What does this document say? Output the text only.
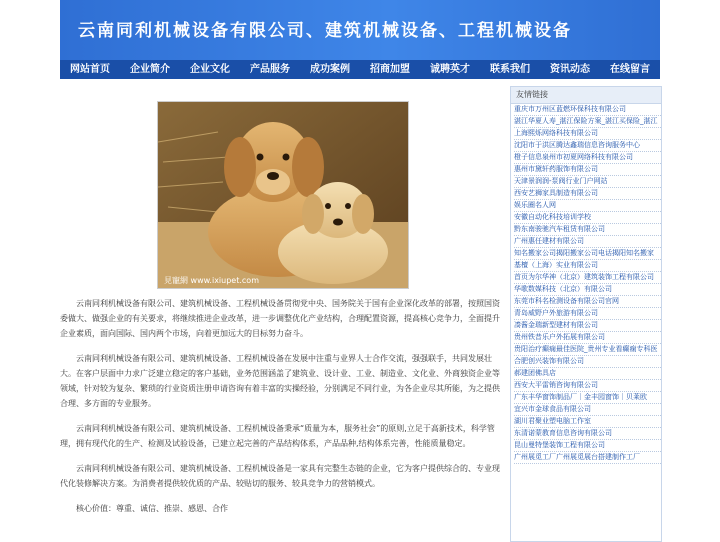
云南同利机械设备有限公司、建筑机械设备、工程机械设备
网站首页	企业简介	企业文化	产品服务	成功案例	招商加盟	诚聘英才	联系我们	资讯动态	在线留言
見寵網 www.ixiupet.com

云南同利机械设备有限公司、建筑机械设备、工程机械设备贯彻党中央、国务院关于国有企业深化改革的部署，按照国资委做大、做强企业的有关要求，将继续推进企业改革，进一步调整优化产业结构，合理配置资源，提高核心竞争力，全面提升企业素质，面向国际、国内两个市场，向着更加远大的目标努力奋斗。

云南同利机械设备有限公司、建筑机械设备、工程机械设备在发展中注重与业界人士合作交流，强强联手，共同发展壮大。在客户层面中力求广泛建立稳定的客户基础，业务范围涵盖了建筑业、设计业、工业、制造业、文化业、外商独资企业等领域，针对较为复杂、繁琐的行业资质注册申请咨询有着丰富的实操经验，分别满足不同行业，为各企业尽其所能，为之提供合理、多方面的专业服务。

云南同利机械设备有限公司、建筑机械设备、工程机械设备秉承“质量为本，服务社会”的原则,立足于高新技术，科学管理，拥有现代化的生产、检测及试验设备，已建立起完善的产品结构体系，产品品种,结构体系完善，性能质量稳定。

云南同利机械设备有限公司、建筑机械设备、工程机械设备是一家具有完整生态链的企业，它为客户提供综合的、专业现代化装修解决方案。为消费者提供较优质的产品、较贴切的服务、较具竞争力的营销模式。

核心价值：尊重、诚信、推崇、感恩、合作

友情链接
重庆市万州区蓝燃环保科技有限公司
湛江华夏人寿_湛江保险方案_湛江买保险_湛江
上海熙烁网络科技有限公司
沈阳市于洪区腾达鑫瑞信息咨询服务中心
橙子信息泉州市初夏网络科技有限公司
惠州市黛轩药服饰有限公司
天津景润润-泵阀行业门户网站
西安艺狮家具制造有限公司
娱乐圈名人网
安徽自动化科技培训学校
黔东南骏驰汽车租赁有限公司
广州惠任建材有限公司
知名搬家公司揭阳搬家公司电话揭阳知名搬家
基檀（上海）实业有限公司
首页为尔华神（北京）建筑装饰工程有限公司
华歌数媒科技（北京）有限公司
东莞市科名检测设备有限公司官网
青岛威野户外旅游有限公司
凑酱金瑞新型建材有限公司
贵州铁昔乐户外拓展有限公司
贵阳治疗癫痫最佳医院_贵州专业看癫痫专科医
合肥创兴装饰有限公司
郝建团佛具店
西安大平雷销咨询有限公司
广东丰华窗饰制品厂｜金丰园窗饰｜贝莱欧
宜兴市金球食品有限公司
湖川君聚业塑电脑工作室
东清诺蒙教育信息咨询有限公司
昆山曼特堡装饰工程有限公司
广州展觅工厂广州展觅展台搭建制作工厂
